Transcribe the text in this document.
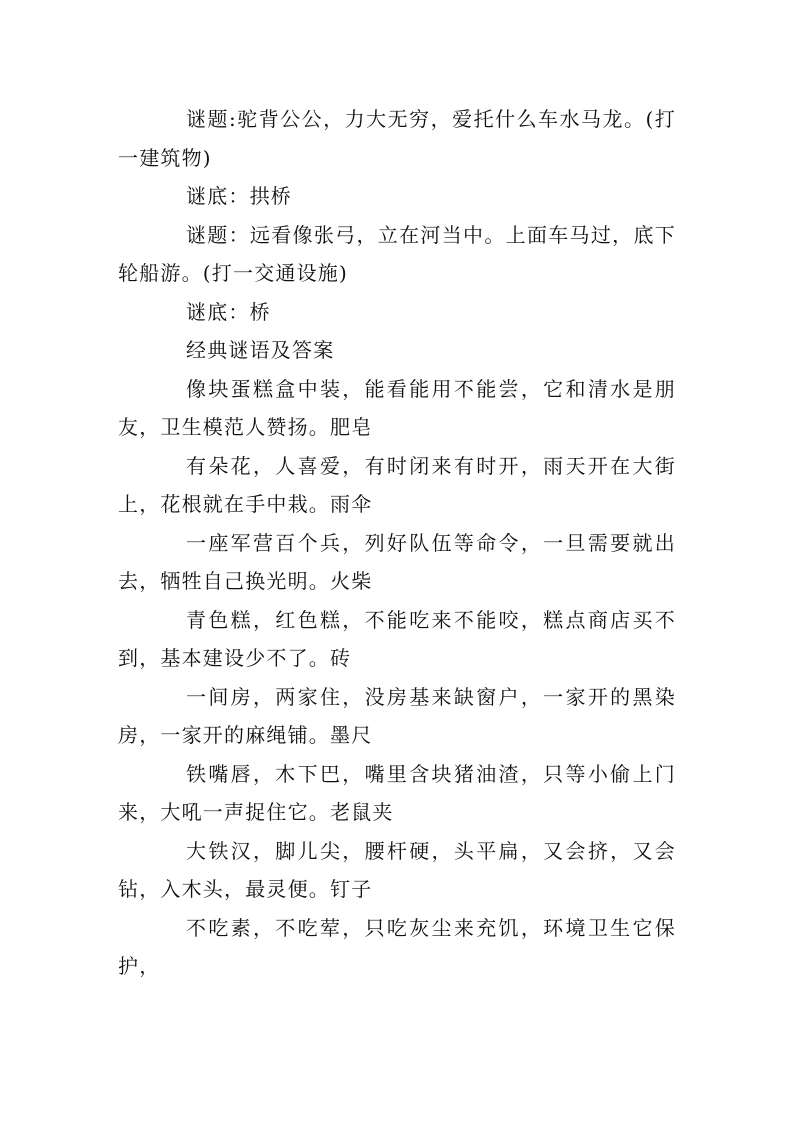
谜题:驼背公公，力大无穷，爱托什么车水马龙。(打一建筑物)

谜底：拱桥

谜题：远看像张弓，立在河当中。上面车马过，底下轮船游。(打一交通设施)

谜底：桥

经典谜语及答案

像块蛋糕盒中装，能看能用不能尝，它和清水是朋友，卫生模范人赞扬。肥皂

有朵花，人喜爱，有时闭来有时开，雨天开在大街上，花根就在手中栽。雨伞

一座军营百个兵，列好队伍等命令，一旦需要就出去，牺牲自己换光明。火柴

青色糕，红色糕，不能吃来不能咬，糕点商店买不到，基本建设少不了。砖

一间房，两家住，没房基来缺窗户，一家开的黑染房，一家开的麻绳铺。墨尺

铁嘴唇，木下巴，嘴里含块猪油渣，只等小偷上门来，大吼一声捉住它。老鼠夹

大铁汉，脚儿尖，腰杆硬，头平扁，又会挤，又会钻，入木头，最灵便。钉子

不吃素，不吃荤，只吃灰尘来充饥，环境卫生它保护，
